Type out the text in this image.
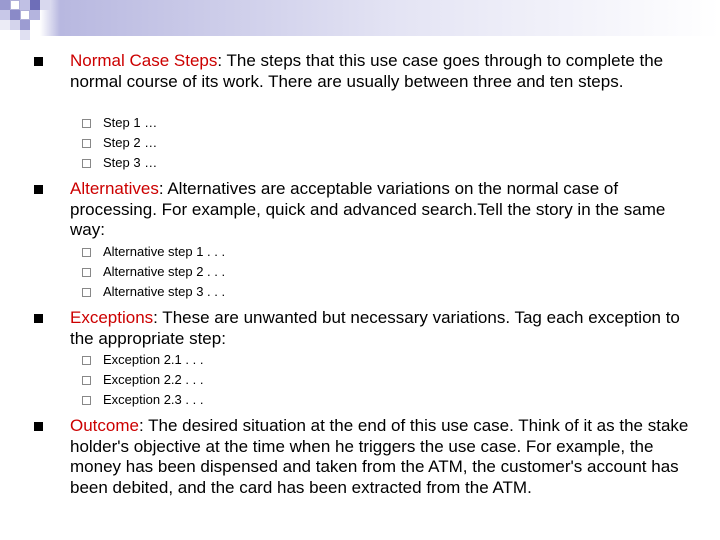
Normal Case Steps: The steps that this use case goes through to complete the normal course of its work. There are usually between three and ten steps.

Step 1 …
Step 2 …
Step 3 …

Alternatives: Alternatives are acceptable variations on the normal case of processing. For example, quick and advanced search.Tell the story in the same way:

Alternative step 1 . . .
Alternative step 2 . . .
Alternative step 3 . . .

Exceptions: These are unwanted but necessary variations. Tag each exception to the appropriate step:

Exception 2.1 . . .
Exception 2.2 . . .
Exception 2.3 . . .

Outcome: The desired situation at the end of this use case. Think of it as the stake holder's objective at the time when he triggers the use case. For example, the money has been dispensed and taken from the ATM, the customer's account has been debited, and the card has been extracted from the ATM.
